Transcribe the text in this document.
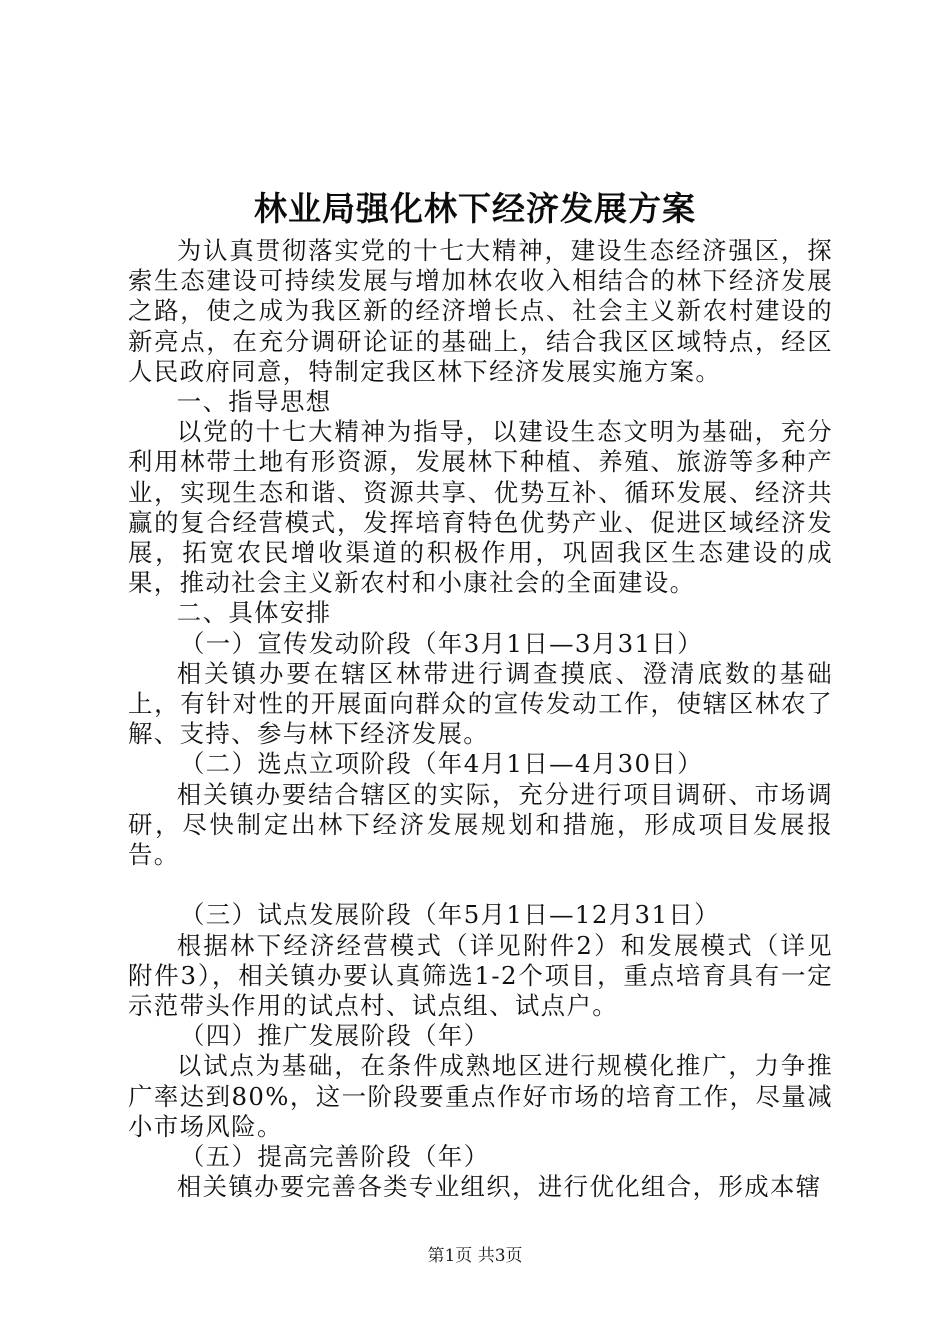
林业局强化林下经济发展方案

为认真贯彻落实党的十七大精神，建设生态经济强区，探索生态建设可持续发展与增加林农收入相结合的林下经济发展之路，使之成为我区新的经济增长点、社会主义新农村建设的新亮点，在充分调研论证的基础上，结合我区区域特点，经区人民政府同意，特制定我区林下经济发展实施方案。

一、指导思想

以党的十七大精神为指导，以建设生态文明为基础，充分利用林带土地有形资源，发展林下种植、养殖、旅游等多种产业，实现生态和谐、资源共享、优势互补、循环发展、经济共赢的复合经营模式，发挥培育特色优势产业、促进区域经济发展，拓宽农民增收渠道的积极作用，巩固我区生态建设的成果，推动社会主义新农村和小康社会的全面建设。

二、具体安排

（一）宣传发动阶段（年3月1日—3月31日）

相关镇办要在辖区林带进行调查摸底、澄清底数的基础上，有针对性的开展面向群众的宣传发动工作，使辖区林农了解、支持、参与林下经济发展。

（二）选点立项阶段（年4月1日—4月30日）

相关镇办要结合辖区的实际，充分进行项目调研、市场调研，尽快制定出林下经济发展规划和措施，形成项目发展报告。

（三）试点发展阶段（年5月1日—12月31日）

根据林下经济经营模式（详见附件2）和发展模式（详见附件3），相关镇办要认真筛选1-2个项目，重点培育具有一定示范带头作用的试点村、试点组、试点户。

（四）推广发展阶段（年）

以试点为基础，在条件成熟地区进行规模化推广，力争推广率达到80%，这一阶段要重点作好市场的培育工作，尽量减小市场风险。

（五）提高完善阶段（年）

相关镇办要完善各类专业组织，进行优化组合，形成本辖

第1页 共3页
